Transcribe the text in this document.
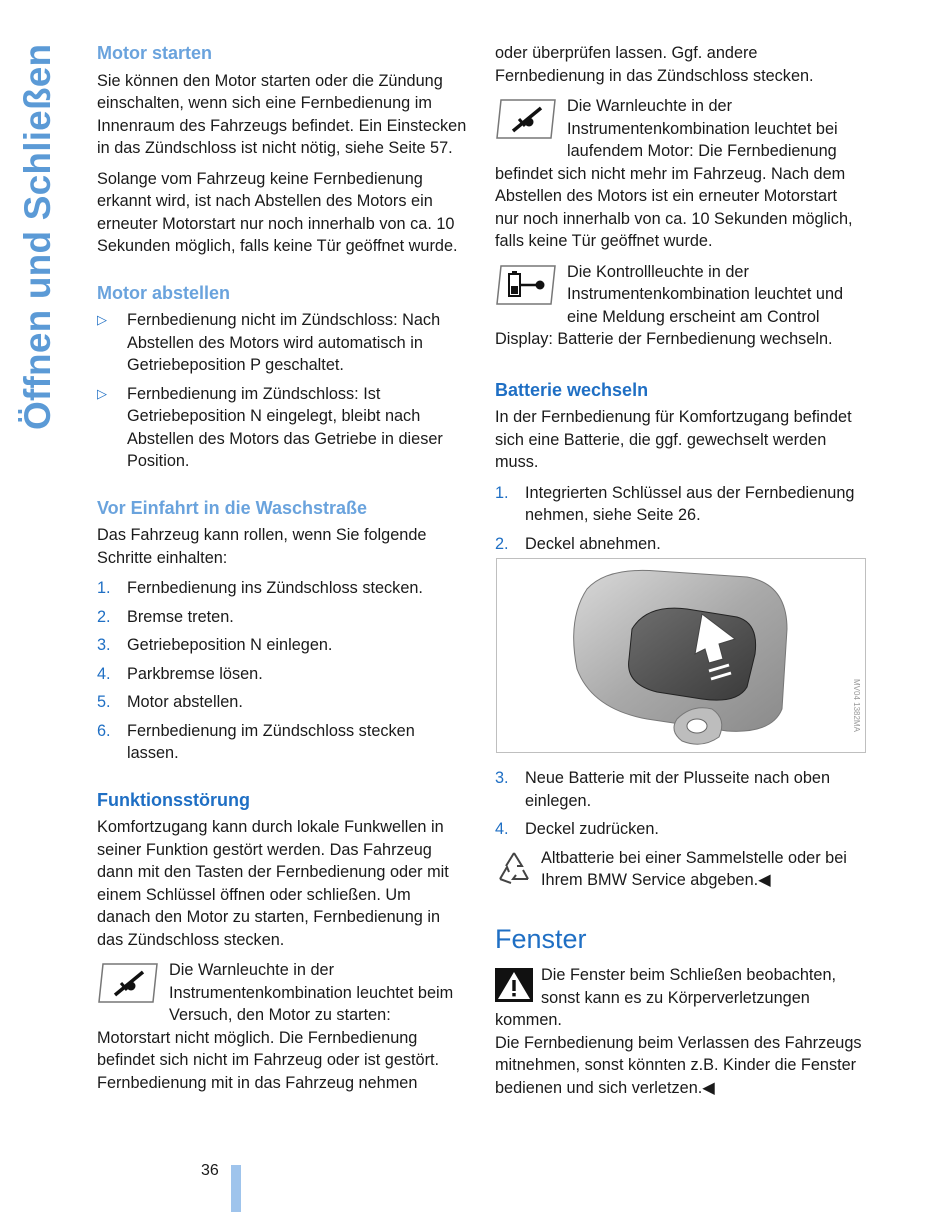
Öffnen und Schließen Motor starten

Sie können den Motor starten oder die Zündung einschalten, wenn sich eine Fernbedienung im Innenraum des Fahrzeugs befindet. Ein Einstecken in das Zündschloss ist nicht nötig, siehe Seite 57.

Solange vom Fahrzeug keine Fernbedienung erkannt wird, ist nach Abstellen des Motors ein erneuter Motorstart nur noch innerhalb von ca. 10 Sekunden möglich, falls keine Tür geöffnet wurde.

Motor abstellen
▷ Fernbedienung nicht im Zündschloss: Nach Abstellen des Motors wird automatisch in Getriebeposition P geschaltet.
▷ Fernbedienung im Zündschloss: Ist Getriebeposition N eingelegt, bleibt nach Abstellen des Motors das Getriebe in dieser Position.
Vor Einfahrt in die Waschstraße

Das Fahrzeug kann rollen, wenn Sie folgende Schritte einhalten:

1. Fernbedienung ins Zündschloss stecken.
2. Bremse treten.
3. Getriebeposition N einlegen.
4. Parkbremse lösen.
5. Motor abstellen.
6. Fernbedienung im Zündschloss stecken lassen.
Funktionsstörung

Komfortzugang kann durch lokale Funkwellen in seiner Funktion gestört werden. Das Fahrzeug dann mit den Tasten der Fernbedienung oder mit einem Schlüssel öffnen oder schließen. Um danach den Motor zu starten, Fernbedienung in das Zündschloss stecken.

Die Warnleuchte in der Instrumentenkombination leuchtet beim Versuch, den Motor zu starten: Motorstart nicht möglich. Die Fernbedienung befindet sich nicht im Fahrzeug oder ist gestört. Fernbedienung mit in das Fahrzeug nehmen

oder überprüfen lassen. Ggf. andere Fernbedienung in das Zündschloss stecken.

Die Warnleuchte in der Instrumentenkombination leuchtet bei laufendem Motor: Die Fernbedienung befindet sich nicht mehr im Fahrzeug. Nach dem Abstellen des Motors ist ein erneuter Motorstart nur noch innerhalb von ca. 10 Sekunden möglich, falls keine Tür geöffnet wurde.
Die Kontrollleuchte in der Instrumentenkombination leuchtet und eine Meldung erscheint am Control Display: Batterie der Fernbedienung wechseln.
Batterie wechseln

In der Fernbedienung für Komfortzugang befindet sich eine Batterie, die ggf. gewechselt werden muss.

1. Integrierten Schlüssel aus der Fernbedienung nehmen, siehe Seite 26.
2. Deckel abnehmen.
MV04 1382MA
3. Neue Batterie mit der Plusseite nach oben einlegen.
4. Deckel zudrücken.
Altbatterie bei einer Sammelstelle oder bei Ihrem BMW Service abgeben.◀
Fenster
Die Fenster beim Schließen beobachten, sonst kann es zu Körperverletzungen kommen.

Die Fernbedienung beim Verlassen des Fahrzeugs mitnehmen, sonst könnten z.B. Kinder die Fenster bedienen und sich verletzen.◀

36
